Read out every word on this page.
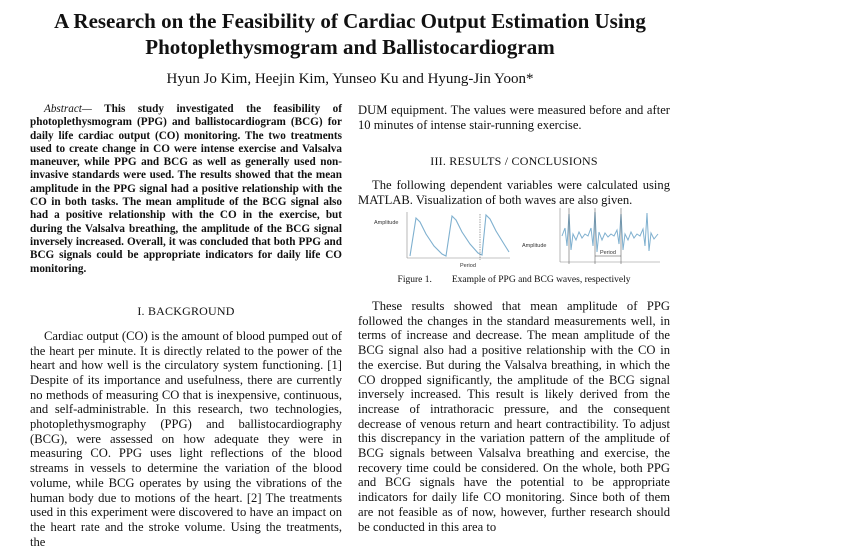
A Research on the Feasibility of Cardiac Output Estimation Using
Photoplethysmogram and Ballistocardiogram
Hyun Jo Kim, Heejin Kim, Yunseo Ku and Hyung-Jin Yoon*

Abstract— This study investigated the feasibility of photoplethysmogram (PPG) and ballistocardiogram (BCG) for daily life cardiac output (CO) monitoring. The two treatments used to create change in CO were intense exercise and Valsalva maneuver, while PPG and BCG as well as generally used non-invasive standards were used. The results showed that the mean amplitude in the PPG signal had a positive relationship with the CO in both tasks. The mean amplitude of the BCG signal also had a positive relationship with the CO in the exercise, but during the Valsalva breathing, the amplitude of the BCG signal inversely increased. Overall, it was concluded that both PPG and BCG signals could be appropriate indicators for daily life CO monitoring.

I. BACKGROUND

Cardiac output (CO) is the amount of blood pumped out of the heart per minute. It is directly related to the power of the heart and how well is the circulatory system functioning. [1] Despite of its importance and usefulness, there are currently no methods of measuring CO that is inexpensive, continuous, and self-administrable. In this research, two technologies, photoplethysmography (PPG) and ballistocardiography (BCG), were assessed on how adequate they were in measuring CO. PPG uses light reflections of the blood streams in vessels to determine the variation of the blood volume, while BCG operates by using the vibrations of the human body due to motions of the heart. [2] The treatments used in this experiment were discovered to have an impact on the heart rate and the stroke volume. Using the treatments, the

DUM equipment. The values were measured before and after 10 minutes of intense stair-running exercise.

III. RESULTS / CONCLUSIONS

The following dependent variables were calculated using MATLAB. Visualization of both waves are also given.

Amplitude
Period
Amplitude
Period
Figure 1. Example of PPG and BCG waves, respectively

These results showed that mean amplitude of PPG followed the changes in the standard measurements well, in terms of increase and decrease. The mean amplitude of the BCG signal also had a positive relationship with the CO in the exercise. But during the Valsalva breathing, in which the CO dropped significantly, the amplitude of the BCG signal inversely increased. This result is likely derived from the increase of intrathoracic pressure, and the consequent decrease of venous return and heart contractibility. To adjust this discrepancy in the variation pattern of the amplitude of BCG signals between Valsalva breathing and exercise, the recovery time could be considered. On the whole, both PPG and BCG signals have the potential to be appropriate indicators for daily life CO monitoring. Since both of them are not feasible as of now, however, further research should be conducted in this area to
